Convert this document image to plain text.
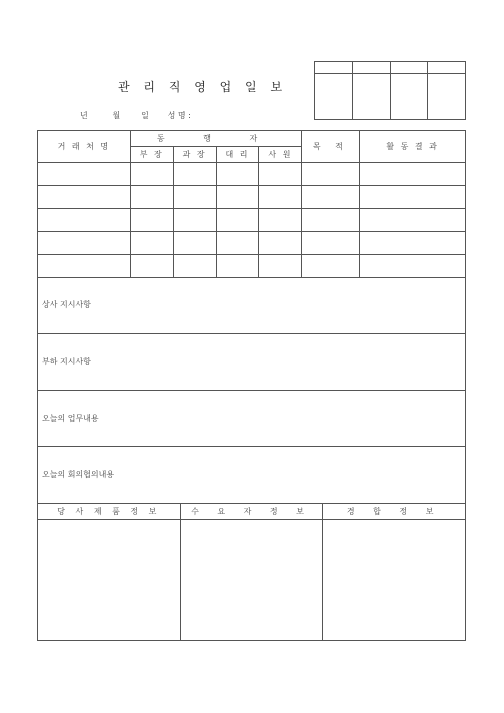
관 리 직 영 업 일 보
년	월	일 성 명 :

거 래 처 명	동 행 자				목 적	활 동 결 과
	부 장	과 장	대 리	사 원		

상사 지시사항
부하 지시사항
오늘의 업무내용
오늘의 회의협의내용
당 사 제 품 정 보	수 요 자 정 보	경 합 정 보
